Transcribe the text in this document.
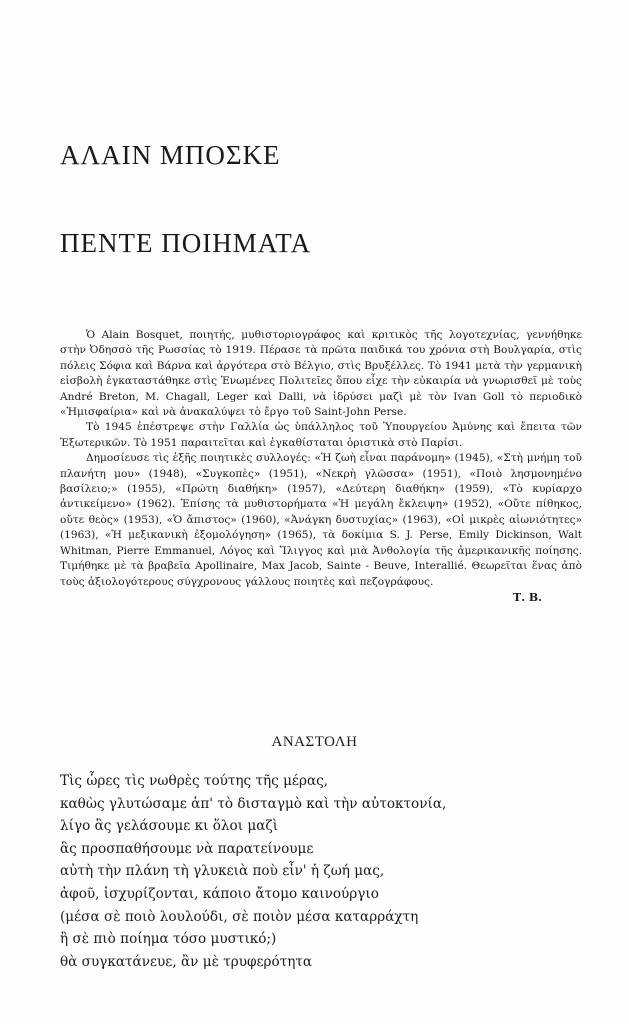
ΑΛΑΙΝ ΜΠΟΣΚΕ
ΠΕΝΤΕ ΠΟΙΗΜΑΤΑ

Ὁ Alain Bosquet, ποιητής, μυθιστοριογράφος καὶ κριτικὸς τῆς λογοτεχνίας, γεννήθηκε στὴν Ὀδησσὸ τῆς Ρωσσίας τὸ 1919. Πέρασε τὰ πρῶτα παιδικά του χρόνια στὴ Βουλγαρία, στὶς πόλεις Σόφια καὶ Βάρνα καὶ ἀργότερα στὸ Βέλγιο, στὶς Βρυξέλλες. Τὸ 1941 μετὰ τὴν γερμανικὴ εἰσβολὴ ἐγκαταστάθηκε στὶς Ἑνωμένες Πολιτεῖες ὅπου εἶχε τὴν εὐκαιρία νὰ γνωρισθεῖ μὲ τοὺς André Breton, M. Chagall, Leger καὶ Dalli, νὰ ἱδρύσει μαζὶ μὲ τὸν Ivan Goll τὸ περιοδικὸ «Ἡμισφαίρια» καὶ νὰ ἀνακαλύψει τὸ ἔργο τοῦ Saint-John Perse.

Τὸ 1945 ἐπέστρεψε στὴν Γαλλία ὡς ὑπάλληλος τοῦ Ὑπουργείου Ἀμύνης καὶ ἔπειτα τῶν Ἐξωτερικῶν. Τὸ 1951 παραιτεῖται καὶ ἐγκαθίσταται ὁριστικὰ στὸ Παρίσι.

Δημοσίευσε τὶς ἑξῆς ποιητικὲς συλλογές: «Ἡ ζωὴ εἶναι παράνομη» (1945), «Στὴ μνήμη τοῦ πλανήτη μου» (1948), «Συγκοπὲς» (1951), «Νεκρὴ γλῶσσα» (1951), «Ποιὸ λησμονημένο βασίλειο;» (1955), «Πρώτη διαθήκη» (1957), «Δεύτερη διαθήκη» (1959), «Τὸ κυρίαρχο ἀντικείμενο» (1962). Ἐπίσης τὰ μυθιστορήματα «Ἡ μεγάλη ἔκλειψη» (1952), «Οὔτε πίθηκος, οὔτε θεὸς» (1953), «Ὁ ἄπιστος» (1960), «Ἀνάγκη δυστυχίας» (1963), «Οἱ μικρὲς αἰωνιότητες» (1963), «Ἡ μεξικανικὴ ἐξομολόγηση» (1965), τὰ δοκίμια S. J. Perse, Emily Dickinson, Walt Whitman, Pierre Emmanuel, Λόγος καὶ Ἴλιγγος καὶ μιὰ Ἀνθολογία τῆς ἀμερικανικῆς ποίησης. Τιμήθηκε μὲ τὰ βραβεῖα Apollinaire, Max Jacob, Sainte - Beuve, Interallié. Θεωρεῖται ἕνας ἀπὸ τοὺς ἀξιολογότερους σύγχρονους γάλλους ποιητὲς καὶ πεζογράφους.

Τ. Β.
ΑΝΑΣΤΟΛΗ
Τὶς ὧρες τὶς νωθρὲς τούτης τῆς μέρας,
καθὼς γλυτώσαμε ἀπ' τὸ δισταγμὸ καὶ τὴν αὐτοκτονία,
λίγο ἃς γελάσουμε κι ὅλοι μαζὶ
ἃς προσπαθήσουμε νὰ παρατείνουμε
αὐτὴ τὴν πλάνη τὴ γλυκειὰ ποὺ εἶν' ἡ ζωή μας,
ἀφοῦ, ἰσχυρίζονται, κάποιο ἄτομο καινούργιο
(μέσα σὲ ποιὸ λουλούδι, σὲ ποιὸν μέσα καταρράχτη
ἢ σὲ πιὸ ποίημα τόσο μυστικό;)
θὰ συγκατάνευε, ἂν μὲ τρυφερότητα
